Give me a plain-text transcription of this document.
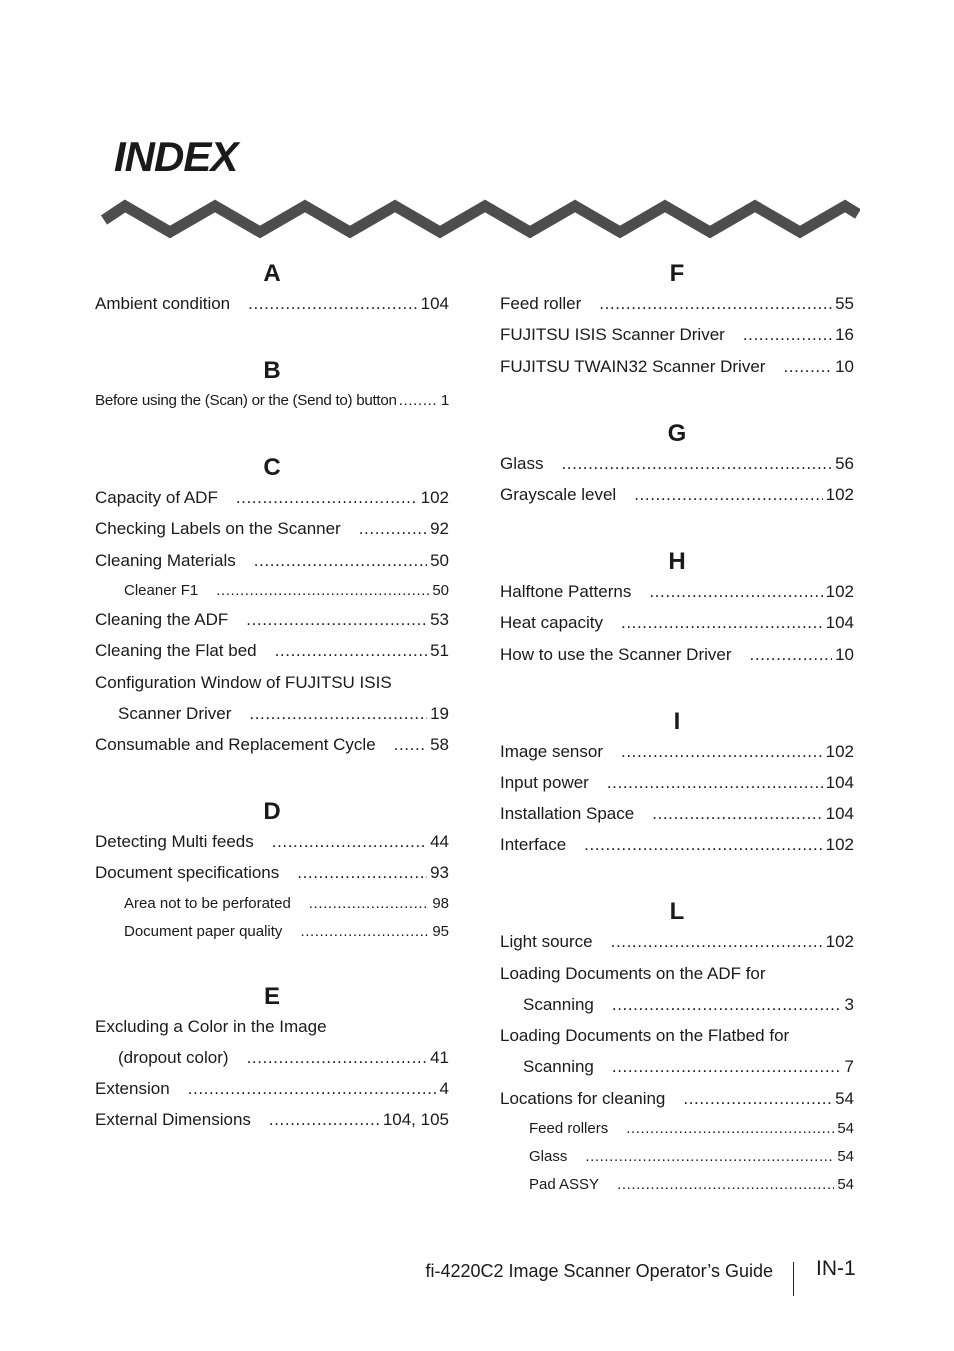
INDEX
A
Ambient condition .....	104
B
Before using the (Scan) or the (Send to) button .....	1
C
Capacity of ADF .....	102
Checking Labels on the Scanner .....	92
Cleaning Materials .....	50
Cleaner F1 .....	50
Cleaning the ADF .....	53
Cleaning the Flat bed .....	51
Configuration Window of FUJITSU ISIS
Scanner Driver .....	19
Consumable and Replacement Cycle .....	58
D
Detecting Multi feeds .....	44
Document specifications .....	93
Area not to be perforated .....	98
Document paper quality .....	95
E
Excluding a Color in the Image
(dropout color) .....	41
Extension .....	4
External Dimensions .....	104, 105
F
Feed roller .....	55
FUJITSU ISIS Scanner Driver .....	16
FUJITSU TWAIN32 Scanner Driver .....	10
G
Glass .....	56
Grayscale level .....	102
H
Halftone Patterns .....	102
Heat capacity .....	104
How to use the Scanner Driver .....	10
I
Image sensor .....	102
Input power .....	104
Installation Space .....	104
Interface .....	102
L
Light source .....	102
Loading Documents on the ADF for
Scanning .....	3
Loading Documents on the Flatbed for
Scanning .....	7
Locations for cleaning .....	54
Feed rollers .....	54
Glass .....	54
Pad ASSY .....	54
fi-4220C2 Image Scanner Operator’s Guide IN-1
